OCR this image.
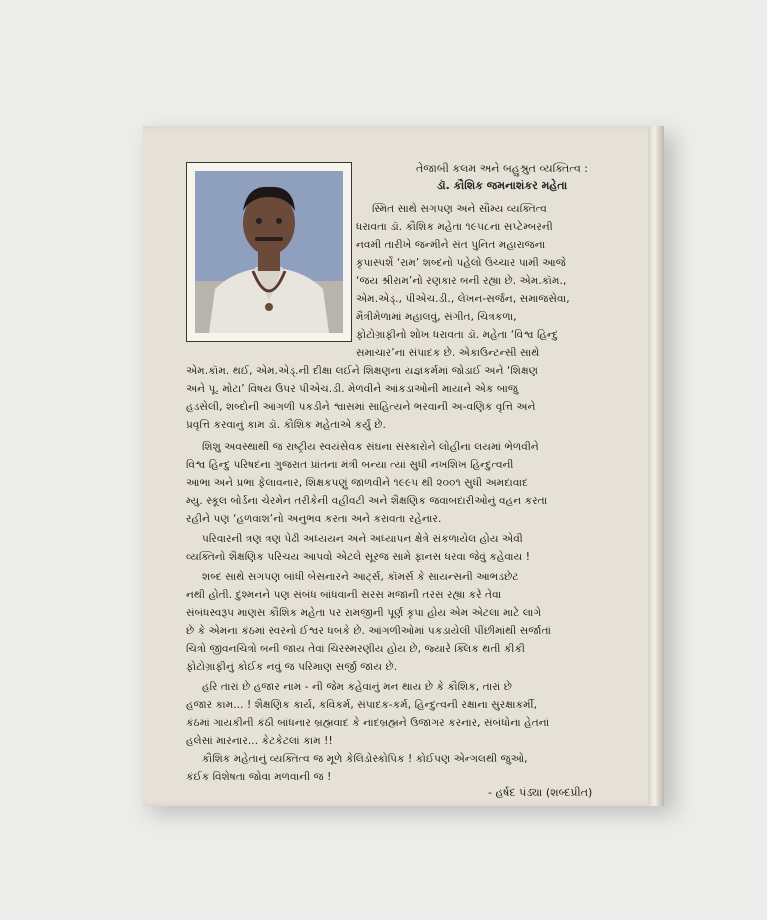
તેજાબી કલમ અને બહુશ્રુત વ્યક્તિત્વ :
ડૉ. કૌશિક જમનાશંકર મહેતા
સ્મિત સાથે સગપણ અને સૌમ્ય વ્યક્તિત્વ
ધરાવતા ડૉ. કૌશિક મહેતા ૧૯૫૮ના સપ્ટેમ્બરની
નવમી તારીખે જન્મીને સંત પુનિત મહારાજના
કૃપાસ્પર્શે ‘રામ’ શબ્દનો પહેલો ઉચ્ચાર પામી આજે
‘જય શ્રીરામ’નો રણકાર બની રહ્યા છે. એમ.કૉમ.,
એમ.એડ્., પીએચ.ડી., લેખન-સર્જન, સમાજસેવા,
મૈત્રીમેળામાં મહાલવું, સંગીત, ચિત્રકળા,
ફોટોગ્રાફીનો શોખ ધરાવતા ડૉ. મહેતા ‘વિશ્વ હિન્દુ
સમાચાર’ના સંપાદક છે. એકાઉન્ટન્સી સાથે
એમ.કૉમ. થઈ, એમ.એડ્.ની દીક્ષા લઈને શિક્ષણના યજ્ઞકર્મમાં જોડાઈ અને ‘શિક્ષણ
અને પૂ. મોટા’ વિષય ઉપર પીએચ.ડી. મેળવીને આંકડાઓની માયાને એક બાજુ
હડસેલી, શબ્દોની આંગળી પકડીને શ્વાસમાં સાહિત્યને ભરવાની અ-વણિક વૃત્તિ અને
પ્રવૃત્તિ કરવાનું કામ ડૉ. કૌશિક મહેતાએ કર્યું છે.
શિશુ અવસ્થાથી જ રાષ્ટ્રીય સ્વયંસેવક સંઘના સંસ્કારોને લોહીના લયમાં ભેળવીને
વિશ્વ હિન્દુ પરિષદના ગુજરાત પ્રાંતના મંત્રી બન્યા ત્યાં સુધી નખશિખ હિન્દુત્વની
આભા અને પ્રભા ફેલાવનાર, શિક્ષકપણું જાળવીને ૧૯૯૫ થી ૨૦૦૧ સુધી અમદાવાદ
મ્યુ. સ્કૂલ બોર્ડના ચેરમેન તરીકેની વહીવટી અને શૈક્ષણિક જવાબદારીઓનું વહન કરતા
રહીને પણ ‘હળવાશ’નો અનુભવ કરતા અને કરાવતા રહેનાર.
પરિવારની ત્રણ ત્રણ પેઢી અધ્યયન અને અધ્યાપન ક્ષેત્રે સંકળાયેલ હોય એવી
વ્યક્તિનો શૈક્ષણિક પરિચય આપવો એટલે સૂરજ સામે ફાનસ ધરવા જેવું કહેવાય !
શબ્દ સાથે સગપણ બાંધી બેસનારને આર્ટ્સ, કૉમર્સ કે સાયન્સની આભડછેટ
નથી હોતી. દુશ્મનને પણ સંબંધ બાંધવાની સરસ મજાની તરસ રહ્યા કરે તેવા
સંબંધસ્વરૂપ માણસ કૌશિક મહેતા પર રામજીની પૂર્ણ કૃપા હોય એમ એટલા માટે લાગે
છે કે એમના કંઠમાં સ્વરનો ઈશ્વર ધબકે છે. આંગળીઓમાં પકડાયેલી પીંછીમાંથી સર્જાતાં
ચિત્રો જીવનચિત્રો બની જાય તેવાં ચિરસ્મરણીય હોય છે, જ્યારે ક્લિક થતી કીકી
ફોટોગ્રાફીનું કોઈક નવું જ પરિમાણ સર્જી જાય છે.
હરિ તારાં છે હજાર નામ - ની જેમ કહેવાનું મન થાય છે કે કૌશિક, તારાં છે
હજાર કામ... ! શૈક્ષણિક કાર્ય, કવિકર્મ, સંપાદક-કર્મ, હિન્દુત્વની રક્ષાના સુરક્ષાકર્મી,
કંઠમાં ગાયકીની કંઠી બાંધનાર બ્રહ્મવાદ કે નાદબ્રહ્મને ઉજાગર કરનાર, સંબંધોના હેતનાં
હલેસાં મારનાર... કેટકેટલાં કામ !!
કૌશિક મહેતાનું વ્યક્તિત્વ જ મૂળે કેલિડોસ્કોપિક ! કોઈપણ એન્ગલથી જુઓ,
કંઈક વિશેષતા જોવા મળવાની જ !
- હર્ષદ પંડ્યા (શબ્દપ્રીત)
